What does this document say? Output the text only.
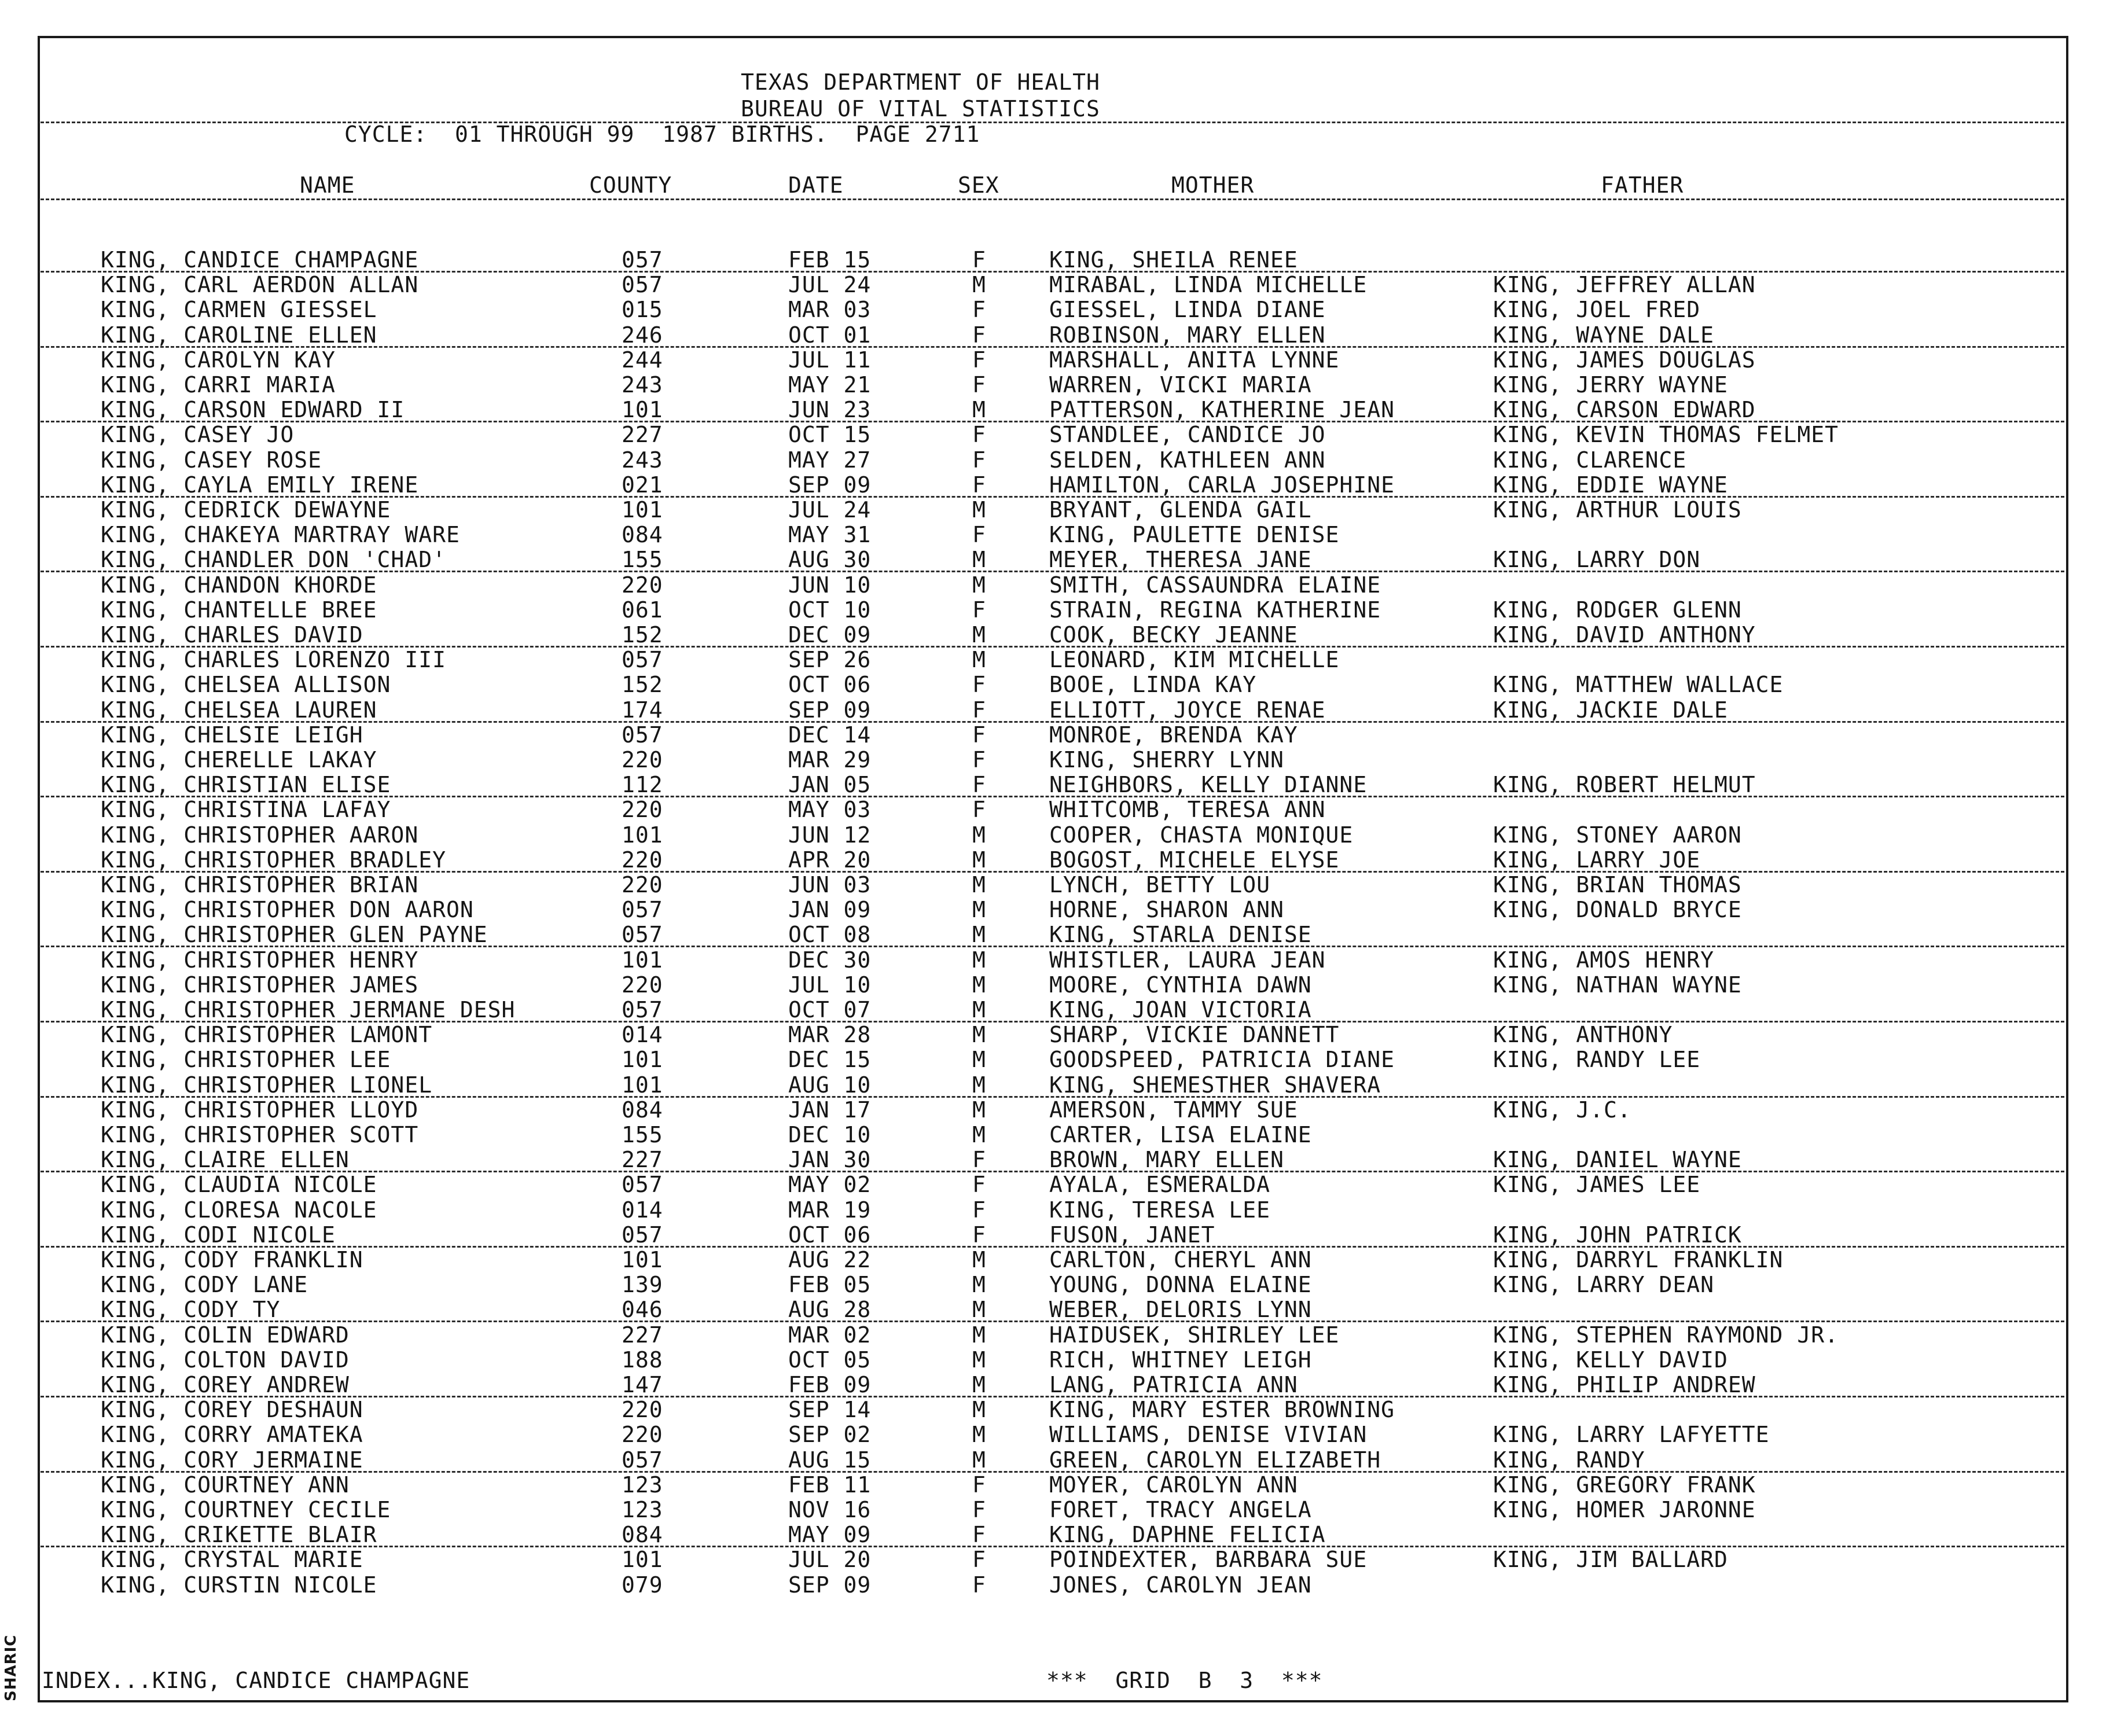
SHARIC
TEXAS DEPARTMENT OF HEALTH
BUREAU OF VITAL STATISTICS
CYCLE:  01 THROUGH 99  1987 BIRTHS.  PAGE 2711
NAME	COUNTY	DATE	SEX	MOTHER	FATHER
KING, CANDICE CHAMPAGNE	057	FEB 15	F	KING, SHEILA RENEE
KING, CARL AERDON ALLAN	057	JUL 24	M	MIRABAL, LINDA MICHELLE	KING, JEFFREY ALLAN
KING, CARMEN GIESSEL	015	MAR 03	F	GIESSEL, LINDA DIANE	KING, JOEL FRED
KING, CAROLINE ELLEN	246	OCT 01	F	ROBINSON, MARY ELLEN	KING, WAYNE DALE
KING, CAROLYN KAY	244	JUL 11	F	MARSHALL, ANITA LYNNE	KING, JAMES DOUGLAS
KING, CARRI MARIA	243	MAY 21	F	WARREN, VICKI MARIA	KING, JERRY WAYNE
KING, CARSON EDWARD II	101	JUN 23	M	PATTERSON, KATHERINE JEAN	KING, CARSON EDWARD
KING, CASEY JO	227	OCT 15	F	STANDLEE, CANDICE JO	KING, KEVIN THOMAS FELMET
KING, CASEY ROSE	243	MAY 27	F	SELDEN, KATHLEEN ANN	KING, CLARENCE
KING, CAYLA EMILY IRENE	021	SEP 09	F	HAMILTON, CARLA JOSEPHINE	KING, EDDIE WAYNE
KING, CEDRICK DEWAYNE	101	JUL 24	M	BRYANT, GLENDA GAIL	KING, ARTHUR LOUIS
KING, CHAKEYA MARTRAY WARE	084	MAY 31	F	KING, PAULETTE DENISE
KING, CHANDLER DON 'CHAD'	155	AUG 30	M	MEYER, THERESA JANE	KING, LARRY DON
KING, CHANDON KHORDE	220	JUN 10	M	SMITH, CASSAUNDRA ELAINE
KING, CHANTELLE BREE	061	OCT 10	F	STRAIN, REGINA KATHERINE	KING, RODGER GLENN
KING, CHARLES DAVID	152	DEC 09	M	COOK, BECKY JEANNE	KING, DAVID ANTHONY
KING, CHARLES LORENZO III	057	SEP 26	M	LEONARD, KIM MICHELLE
KING, CHELSEA ALLISON	152	OCT 06	F	BOOE, LINDA KAY	KING, MATTHEW WALLACE
KING, CHELSEA LAUREN	174	SEP 09	F	ELLIOTT, JOYCE RENAE	KING, JACKIE DALE
KING, CHELSIE LEIGH	057	DEC 14	F	MONROE, BRENDA KAY
KING, CHERELLE LAKAY	220	MAR 29	F	KING, SHERRY LYNN
KING, CHRISTIAN ELISE	112	JAN 05	F	NEIGHBORS, KELLY DIANNE	KING, ROBERT HELMUT
KING, CHRISTINA LAFAY	220	MAY 03	F	WHITCOMB, TERESA ANN
KING, CHRISTOPHER AARON	101	JUN 12	M	COOPER, CHASTA MONIQUE	KING, STONEY AARON
KING, CHRISTOPHER BRADLEY	220	APR 20	M	BOGOST, MICHELE ELYSE	KING, LARRY JOE
KING, CHRISTOPHER BRIAN	220	JUN 03	M	LYNCH, BETTY LOU	KING, BRIAN THOMAS
KING, CHRISTOPHER DON AARON	057	JAN 09	M	HORNE, SHARON ANN	KING, DONALD BRYCE
KING, CHRISTOPHER GLEN PAYNE	057	OCT 08	M	KING, STARLA DENISE
KING, CHRISTOPHER HENRY	101	DEC 30	M	WHISTLER, LAURA JEAN	KING, AMOS HENRY
KING, CHRISTOPHER JAMES	220	JUL 10	M	MOORE, CYNTHIA DAWN	KING, NATHAN WAYNE
KING, CHRISTOPHER JERMANE DESH	057	OCT 07	M	KING, JOAN VICTORIA
KING, CHRISTOPHER LAMONT	014	MAR 28	M	SHARP, VICKIE DANNETT	KING, ANTHONY
KING, CHRISTOPHER LEE	101	DEC 15	M	GOODSPEED, PATRICIA DIANE	KING, RANDY LEE
KING, CHRISTOPHER LIONEL	101	AUG 10	M	KING, SHEMESTHER SHAVERA
KING, CHRISTOPHER LLOYD	084	JAN 17	M	AMERSON, TAMMY SUE	KING, J.C.
KING, CHRISTOPHER SCOTT	155	DEC 10	M	CARTER, LISA ELAINE
KING, CLAIRE ELLEN	227	JAN 30	F	BROWN, MARY ELLEN	KING, DANIEL WAYNE
KING, CLAUDIA NICOLE	057	MAY 02	F	AYALA, ESMERALDA	KING, JAMES LEE
KING, CLORESA NACOLE	014	MAR 19	F	KING, TERESA LEE
KING, CODI NICOLE	057	OCT 06	F	FUSON, JANET	KING, JOHN PATRICK
KING, CODY FRANKLIN	101	AUG 22	M	CARLTON, CHERYL ANN	KING, DARRYL FRANKLIN
KING, CODY LANE	139	FEB 05	M	YOUNG, DONNA ELAINE	KING, LARRY DEAN
KING, CODY TY	046	AUG 28	M	WEBER, DELORIS LYNN
KING, COLIN EDWARD	227	MAR 02	M	HAIDUSEK, SHIRLEY LEE	KING, STEPHEN RAYMOND JR.
KING, COLTON DAVID	188	OCT 05	M	RICH, WHITNEY LEIGH	KING, KELLY DAVID
KING, COREY ANDREW	147	FEB 09	M	LANG, PATRICIA ANN	KING, PHILIP ANDREW
KING, COREY DESHAUN	220	SEP 14	M	KING, MARY ESTER BROWNING
KING, CORRY AMATEKA	220	SEP 02	M	WILLIAMS, DENISE VIVIAN	KING, LARRY LAFYETTE
KING, CORY JERMAINE	057	AUG 15	M	GREEN, CAROLYN ELIZABETH	KING, RANDY
KING, COURTNEY ANN	123	FEB 11	F	MOYER, CAROLYN ANN	KING, GREGORY FRANK
KING, COURTNEY CECILE	123	NOV 16	F	FORET, TRACY ANGELA	KING, HOMER JARONNE
KING, CRIKETTE BLAIR	084	MAY 09	F	KING, DAPHNE FELICIA
KING, CRYSTAL MARIE	101	JUL 20	F	POINDEXTER, BARBARA SUE	KING, JIM BALLARD
KING, CURSTIN NICOLE	079	SEP 09	F	JONES, CAROLYN JEAN
INDEX...KING, CANDICE CHAMPAGNE	***  GRID  B  3  ***
